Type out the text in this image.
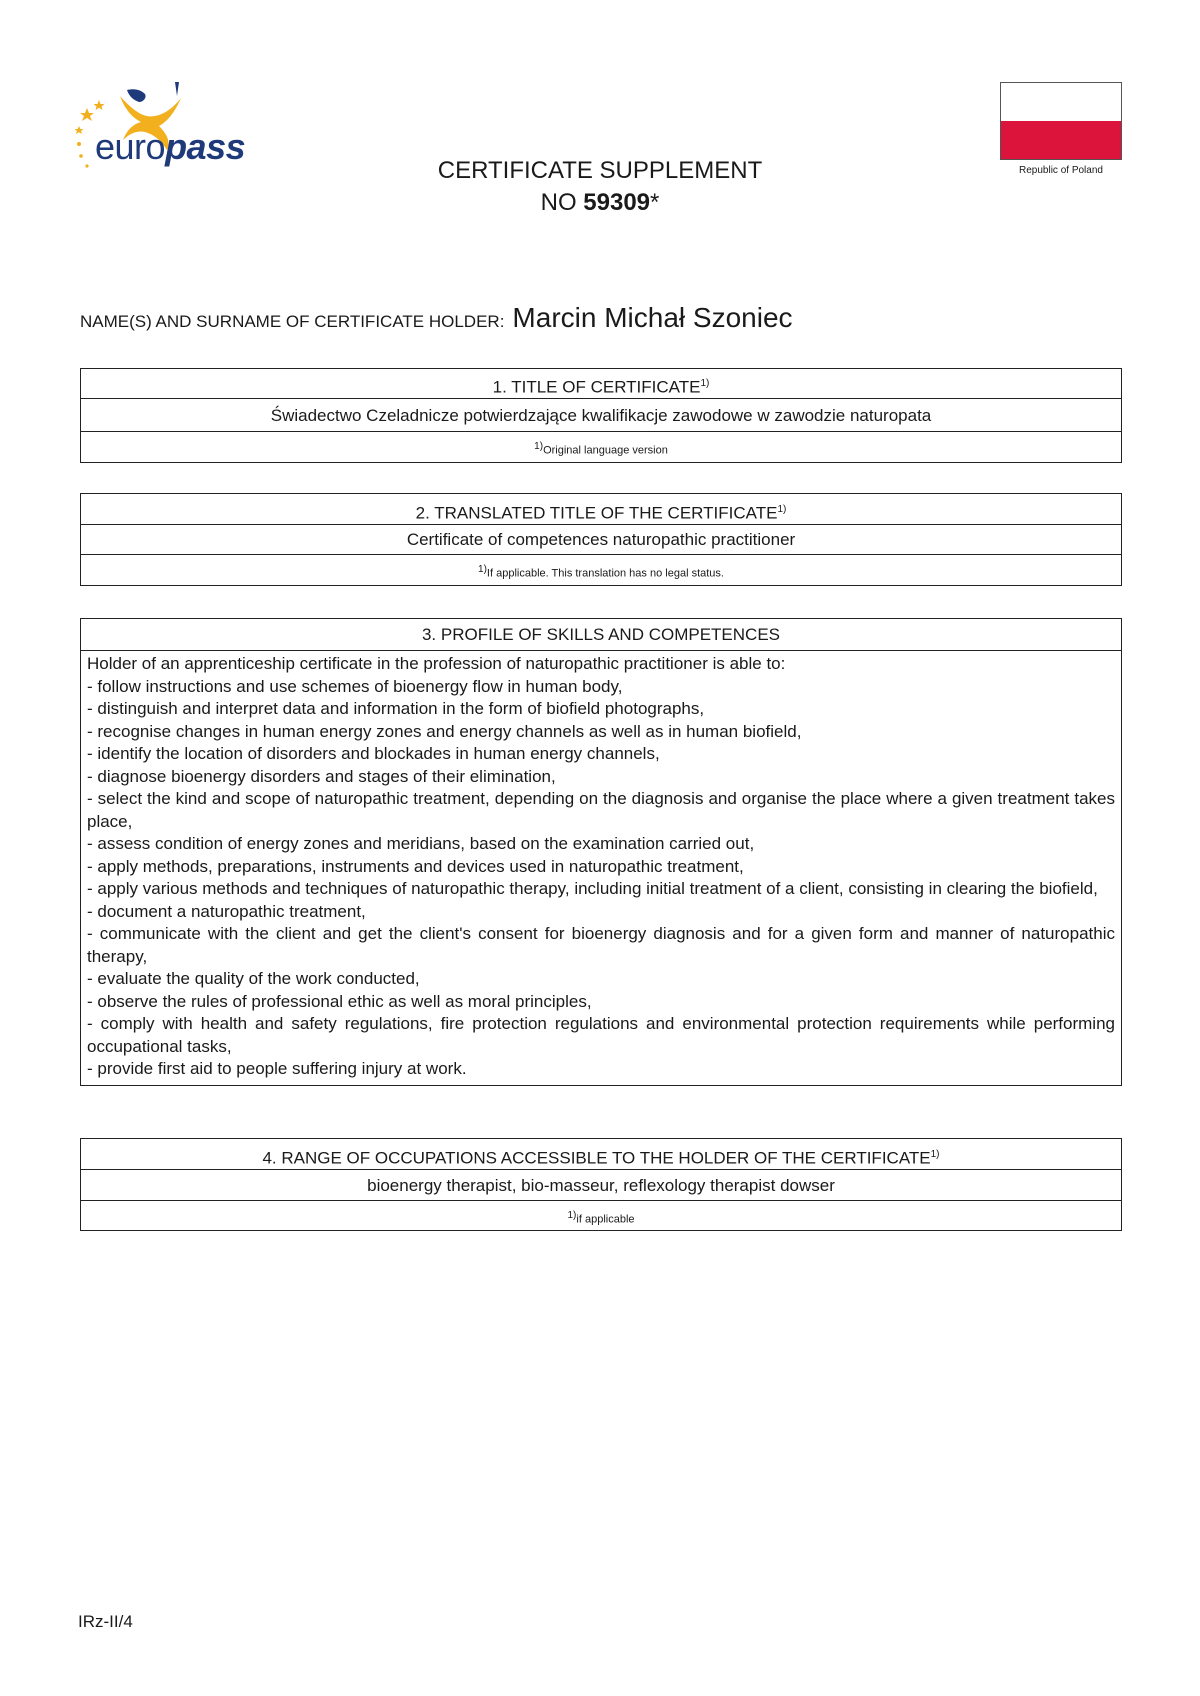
europass
CERTIFICATE SUPPLEMENT
NO 59309*
Republic of Poland
NAME(S) AND SURNAME OF CERTIFICATE HOLDER: Marcin Michał Szoniec
1. TITLE OF CERTIFICATE$^{1)}$
Świadectwo Czeladnicze potwierdzające kwalifikacje zawodowe w zawodzie naturopata
$^{1)}$Original language version
2. TRANSLATED TITLE OF THE CERTIFICATE$^{1)}$
Certificate of competences naturopathic practitioner
$^{1)}$If applicable. This translation has no legal status.
3. PROFILE OF SKILLS AND COMPETENCES
Holder of an apprenticeship certificate in the profession of naturopathic practitioner is able to:
- follow instructions and use schemes of bioenergy flow in human body,
- distinguish and interpret data and information in the form of biofield photographs,
- recognise changes in human energy zones and energy channels as well as in human biofield,
- identify the location of disorders and blockades in human energy channels,
- diagnose bioenergy disorders and stages of their elimination,
- select the kind and scope of naturopathic treatment, depending on the diagnosis and organise the place where a given treatment takes place,
- assess condition of energy zones and meridians, based on the examination carried out,
- apply methods, preparations, instruments and devices used in naturopathic treatment,
- apply various methods and techniques of naturopathic therapy, including initial treatment of a client, consisting in clearing the biofield,
- document a naturopathic treatment,
- communicate with the client and get the client's consent for bioenergy diagnosis and for a given form and manner of naturopathic therapy,
- evaluate the quality of the work conducted,
- observe the rules of professional ethic as well as moral principles,
- comply with health and safety regulations, fire protection regulations and environmental protection requirements while performing occupational tasks,
- provide first aid to people suffering injury at work.
4. RANGE OF OCCUPATIONS ACCESSIBLE TO THE HOLDER OF THE CERTIFICATE$^{1)}$
bioenergy therapist, bio-masseur, reflexology therapist dowser
$^{1)}$if applicable
IRz-II/4
